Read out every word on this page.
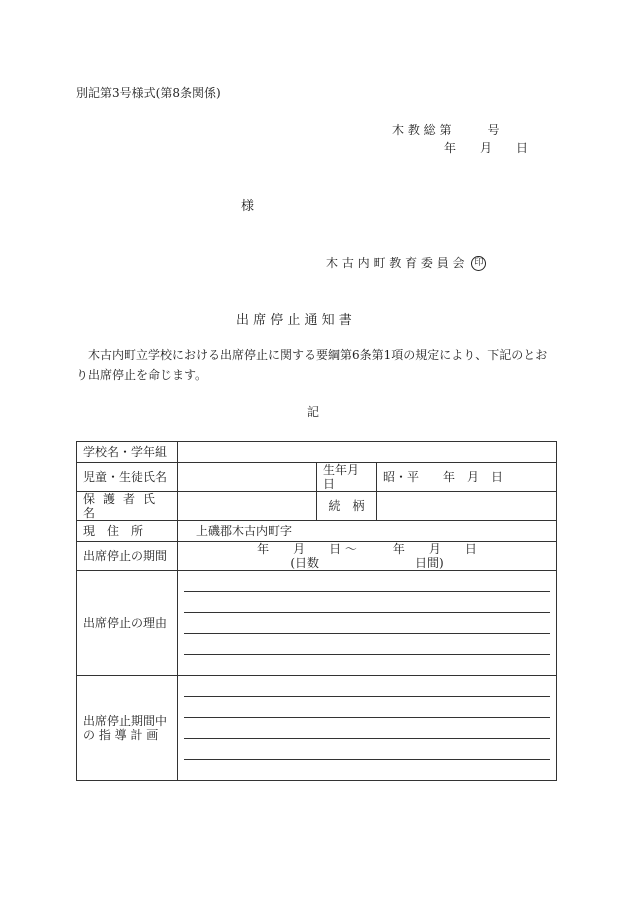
別記第3号様式(第8条関係)
木 教 総 第　　　号
年　　月　　日
様
木 古 内 町 教 育 委 員 会 印
出 席 停 止 通 知 書
木古内町立学校における出席停止に関する要綱第6条第1項の規定により、下記のとおり出席停止を命じます。
記
学校名・学年組			
児童・生徒氏名		生年月日	昭・平　　年　月　日
保護者氏名		続　柄	
現　住　所	上磯郡木古内町字		
出席停止の期間	年　　月　　日 〜　　　年　　月　　日
(日数　　　　　　　　日間)		

出席停止の理由			

出席停止期間中
の 指 導 計 画			
